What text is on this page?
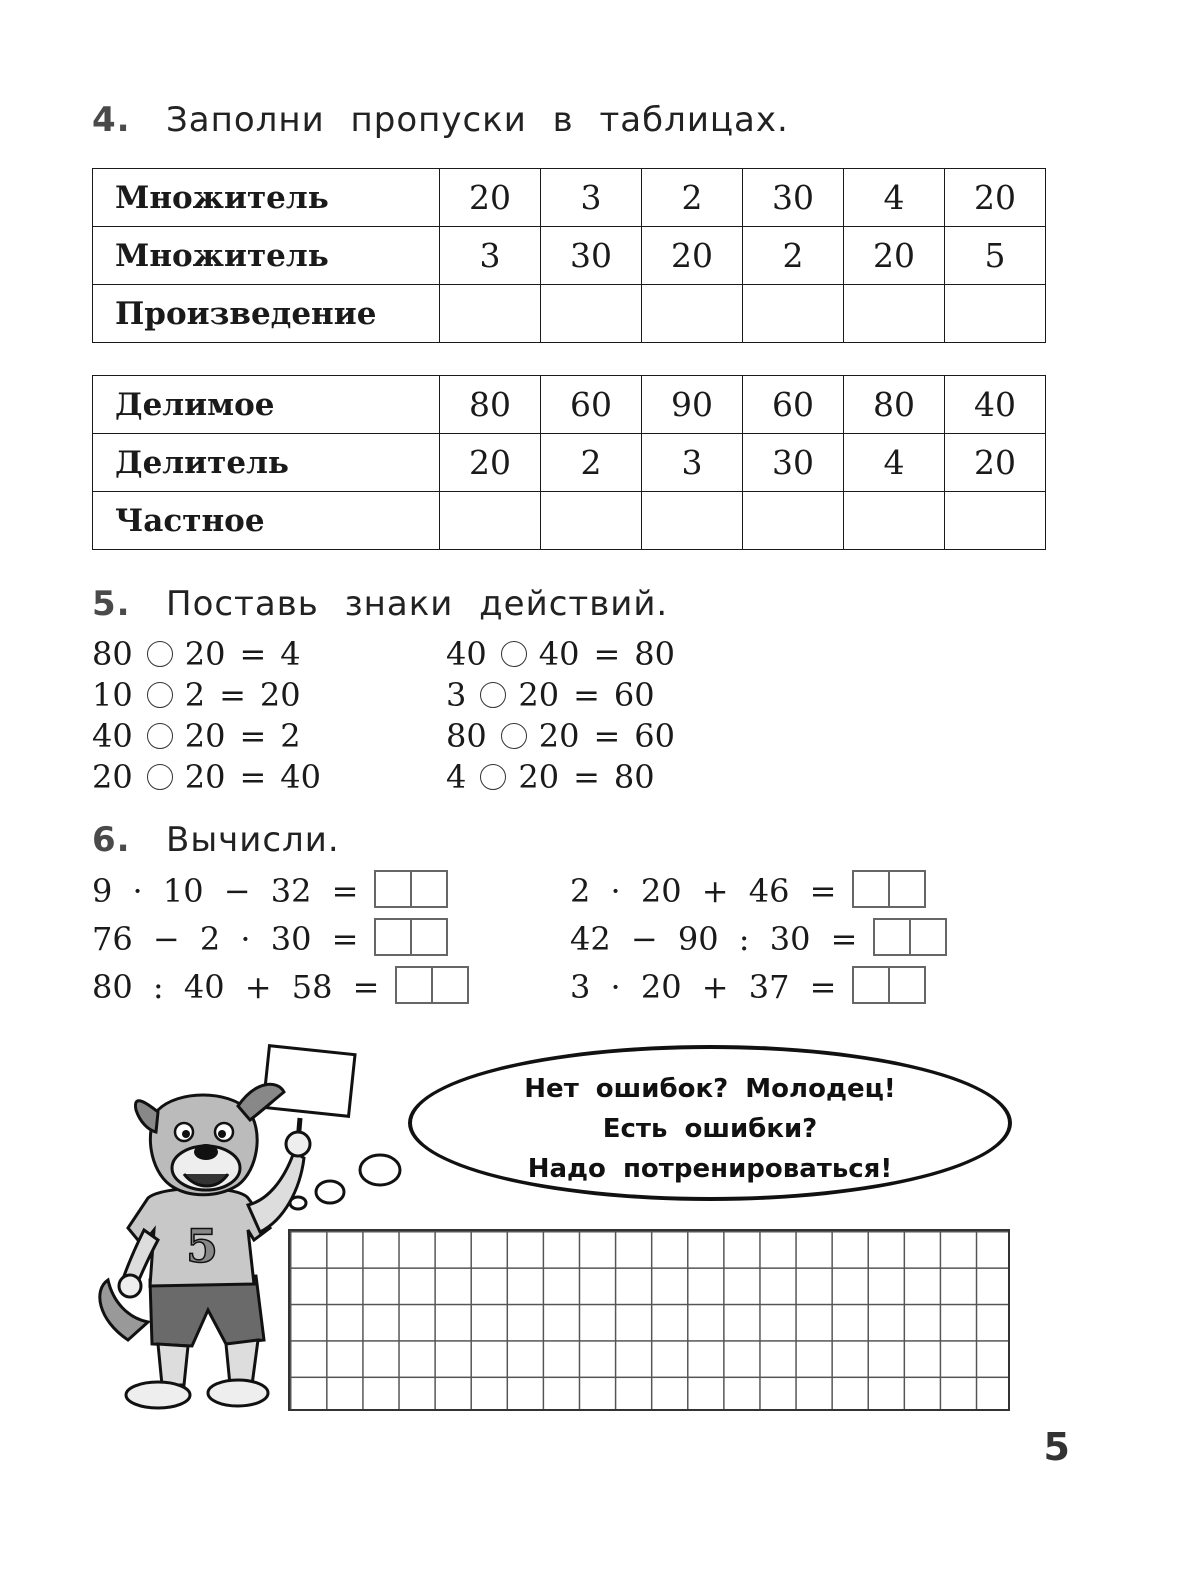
4. Заполни пропуски в таблицах.
Множитель	20	3	2	30	4	20
Множитель	3	30	20	2	20	5
Произведение						
Делимое	80	60	90	60	80	40
Делитель	20	2	3	30	4	20
Частное						
5. Поставь знаки действий.
80 20 = 4
10 2 = 20
40 20 = 2
20 20 = 40
40 40 = 80
3 20 = 60
80 20 = 60
4 20 = 80
6. Вычисли.
9 · 10 − 32 =
76 − 2 · 30 =
80 : 40 + 58 =
2 · 20 + 46 =
42 − 90 : 30 =
3 · 20 + 37 =
5
Нет ошибок? Молодец!
Есть ошибки?
Надо потренироваться!
5
